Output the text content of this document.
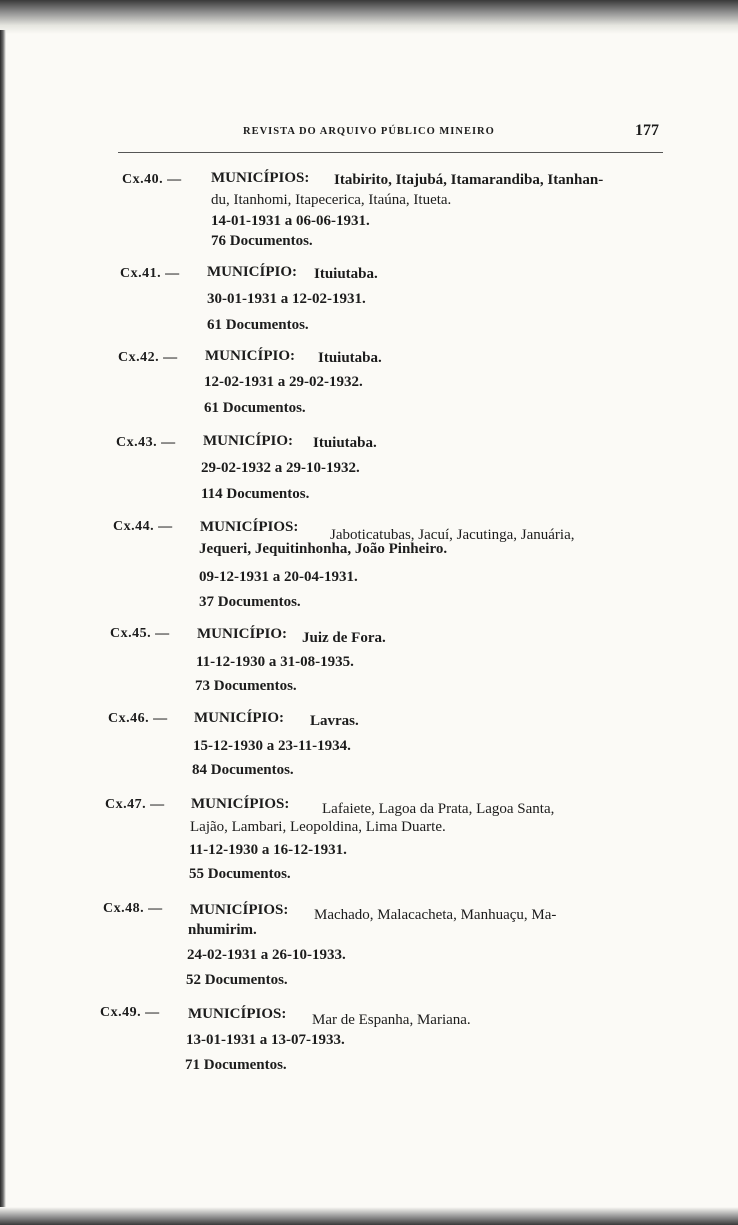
REVISTA DO ARQUIVO PÚBLICO MINEIRO	177
Cx.40. — MUNICÍPIOS: Itabirito, Itajubá, Itamarandiba, Itanhan-
du, Itanhomi, Itapecerica, Itaúna, Itueta.
14-01-1931 a 06-06-1931.
76 Documentos.
Cx.41. — MUNICÍPIO: Ituiutaba.
30-01-1931 a 12-02-1931.
61 Documentos.
Cx.42. — MUNICÍPIO: Ituiutaba.
12-02-1931 a 29-02-1932.
61 Documentos.
Cx.43. — MUNICÍPIO: Ituiutaba.
29-02-1932 a 29-10-1932.
114 Documentos.
Cx.44. — MUNICÍPIOS: Jaboticatubas, Jacuí, Jacutinga, Januária,
Jequeri, Jequitinhonha, João Pinheiro.
09-12-1931 a 20-04-1931.
37 Documentos.
Cx.45. — MUNICÍPIO: Juiz de Fora.
11-12-1930 a 31-08-1935.
73 Documentos.
Cx.46. — MUNICÍPIO: Lavras.
15-12-1930 a 23-11-1934.
84 Documentos.
Cx.47. — MUNICÍPIOS: Lafaiete, Lagoa da Prata, Lagoa Santa,
Lajão, Lambari, Leopoldina, Lima Duarte.
11-12-1930 a 16-12-1931.
55 Documentos.
Cx.48. — MUNICÍPIOS: Machado, Malacacheta, Manhuaçu, Ma-
nhumirim.
24-02-1931 a 26-10-1933.
52 Documentos.
Cx.49. — MUNICÍPIOS: Mar de Espanha, Mariana.
13-01-1931 a 13-07-1933.
71 Documentos.
